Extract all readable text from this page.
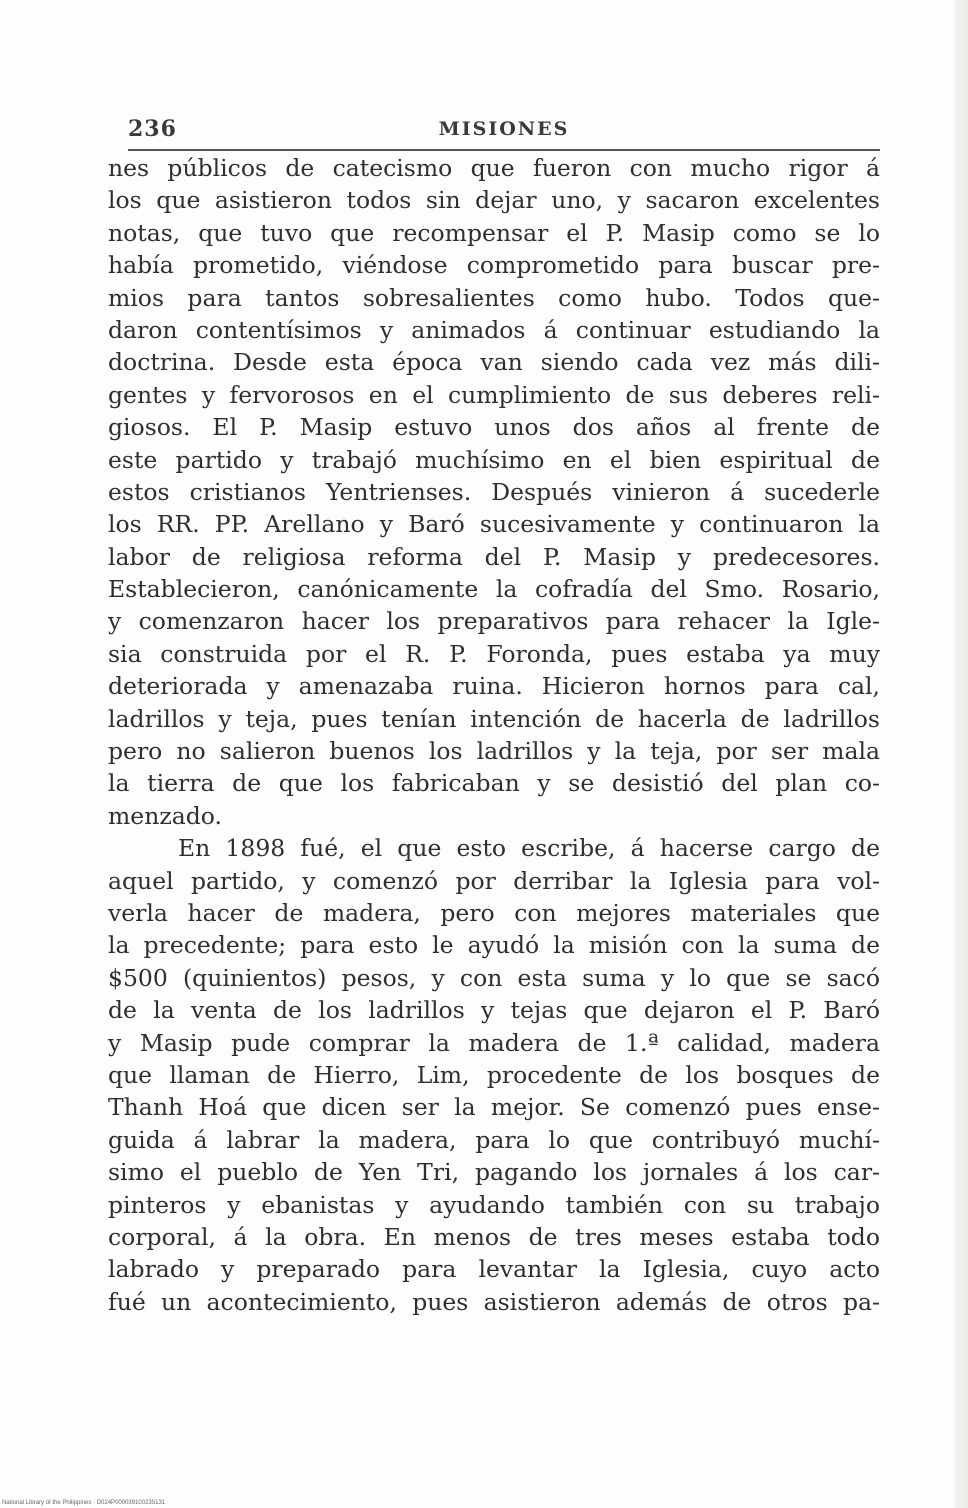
236	MISIONES
nes públicos de catecismo que fueron con mucho rigor á
los que asistieron todos sin dejar uno, y sacaron excelentes
notas, que tuvo que recompensar el P. Masip como se lo
había prometido, viéndose comprometido para buscar pre-
mios para tantos sobresalientes como hubo. Todos que-
daron contentísimos y animados á continuar estudiando la
doctrina. Desde esta época van siendo cada vez más dili-
gentes y fervorosos en el cumplimiento de sus deberes reli-
giosos. El P. Masip estuvo unos dos años al frente de
este partido y trabajó muchísimo en el bien espiritual de
estos cristianos Yentrienses. Después vinieron á sucederle
los RR. PP. Arellano y Baró sucesivamente y continuaron la
labor de religiosa reforma del P. Masip y predecesores.
Establecieron, canónicamente la cofradía del Smo. Rosario,
y comenzaron hacer los preparativos para rehacer la Igle-
sia construida por el R. P. Foronda, pues estaba ya muy
deteriorada y amenazaba ruina. Hicieron hornos para cal,
ladrillos y teja, pues tenían intención de hacerla de ladrillos
pero no salieron buenos los ladrillos y la teja, por ser mala
la tierra de que los fabricaban y se desistió del plan co-
menzado.
En 1898 fué, el que esto escribe, á hacerse cargo de
aquel partido, y comenzó por derribar la Iglesia para vol-
verla hacer de madera, pero con mejores materiales que
la precedente; para esto le ayudó la misión con la suma de
$500 (quinientos) pesos, y con esta suma y lo que se sacó
de la venta de los ladrillos y tejas que dejaron el P. Baró
y Masip pude comprar la madera de 1.ª calidad, madera
que llaman de Hierro, Lim, procedente de los bosques de
Thanh Hoá que dicen ser la mejor. Se comenzó pues ense-
guida á labrar la madera, para lo que contribuyó muchí-
simo el pueblo de Yen Tri, pagando los jornales á los car-
pinteros y ebanistas y ayudando también con su trabajo
corporal, á la obra. En menos de tres meses estaba todo
labrado y preparado para levantar la Iglesia, cuyo acto
fué un acontecimiento, pues asistieron además de otros pa-
National Library of the Philippines · D024P000039100235131
